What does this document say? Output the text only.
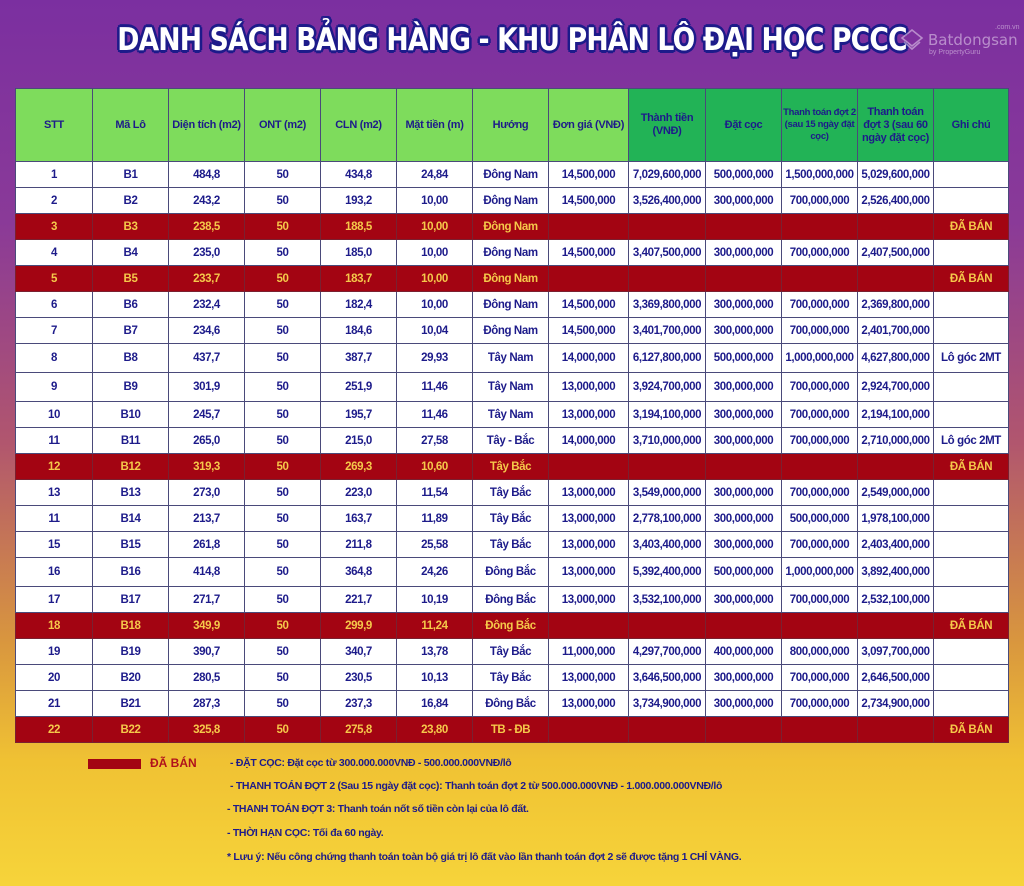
DANH SÁCH BẢNG HÀNG - KHU PHÂN LÔ ĐẠI HỌC PCCC	.com.vn
Batdongsan
by PropertyGuru
STT	Mã Lô	Diện tích (m2)	ONT (m2)	CLN (m2)	Mặt tiền (m)	Hướng	Đơn giá (VNĐ)	Thành tiền (VNĐ)	Đặt cọc	Thanh toán đợt 2 (sau 15 ngày đặt cọc)	Thanh toán đợt 3 (sau 60 ngày đặt cọc)	Ghi chú
1	B1	484,8	50	434,8	24,84	Đông Nam	14,500,000	7,029,600,000	500,000,000	1,500,000,000	5,029,600,000	
2	B2	243,2	50	193,2	10,00	Đông Nam	14,500,000	3,526,400,000	300,000,000	700,000,000	2,526,400,000	
3	B3	238,5	50	188,5	10,00	Đông Nam						ĐÃ BÁN
4	B4	235,0	50	185,0	10,00	Đông Nam	14,500,000	3,407,500,000	300,000,000	700,000,000	2,407,500,000	
5	B5	233,7	50	183,7	10,00	Đông Nam						ĐÃ BÁN
6	B6	232,4	50	182,4	10,00	Đông Nam	14,500,000	3,369,800,000	300,000,000	700,000,000	2,369,800,000	
7	B7	234,6	50	184,6	10,04	Đông Nam	14,500,000	3,401,700,000	300,000,000	700,000,000	2,401,700,000	
8	B8	437,7	50	387,7	29,93	Tây Nam	14,000,000	6,127,800,000	500,000,000	1,000,000,000	4,627,800,000	Lô góc 2MT
9	B9	301,9	50	251,9	11,46	Tây Nam	13,000,000	3,924,700,000	300,000,000	700,000,000	2,924,700,000	
10	B10	245,7	50	195,7	11,46	Tây Nam	13,000,000	3,194,100,000	300,000,000	700,000,000	2,194,100,000	
11	B11	265,0	50	215,0	27,58	Tây - Bắc	14,000,000	3,710,000,000	300,000,000	700,000,000	2,710,000,000	Lô góc 2MT
12	B12	319,3	50	269,3	10,60	Tây Bắc						ĐÃ BÁN
13	B13	273,0	50	223,0	11,54	Tây Bắc	13,000,000	3,549,000,000	300,000,000	700,000,000	2,549,000,000	
11	B14	213,7	50	163,7	11,89	Tây Bắc	13,000,000	2,778,100,000	300,000,000	500,000,000	1,978,100,000	
15	B15	261,8	50	211,8	25,58	Tây Bắc	13,000,000	3,403,400,000	300,000,000	700,000,000	2,403,400,000	
16	B16	414,8	50	364,8	24,26	Đông Bắc	13,000,000	5,392,400,000	500,000,000	1,000,000,000	3,892,400,000	
17	B17	271,7	50	221,7	10,19	Đông Bắc	13,000,000	3,532,100,000	300,000,000	700,000,000	2,532,100,000	
18	B18	349,9	50	299,9	11,24	Đông Bắc						ĐÃ BÁN
19	B19	390,7	50	340,7	13,78	Tây Bắc	11,000,000	4,297,700,000	400,000,000	800,000,000	3,097,700,000	
20	B20	280,5	50	230,5	10,13	Tây Bắc	13,000,000	3,646,500,000	300,000,000	700,000,000	2,646,500,000	
21	B21	287,3	50	237,3	16,84	Đông Bắc	13,000,000	3,734,900,000	300,000,000	700,000,000	2,734,900,000	
22	B22	325,8	50	275,8	23,80	TB - ĐB						ĐÃ BÁN
ĐÃ BÁN	- ĐẶT CỌC: Đặt cọc từ 300.000.000VNĐ - 500.000.000VNĐ/lô
- THANH TOÁN ĐỢT 2 (Sau 15 ngày đặt cọc): Thanh toán đợt 2 từ 500.000.000VNĐ - 1.000.000.000VNĐ/lô
- THANH TOÁN ĐỢT 3: Thanh toán nốt số tiền còn lại của lô đất.
- THỜI HẠN CỌC: Tối đa 60 ngày.
* Lưu ý: Nếu công chứng thanh toán toàn bộ giá trị lô đất vào lần thanh toán đợt 2 sẽ được tặng 1 CHỈ VÀNG.
